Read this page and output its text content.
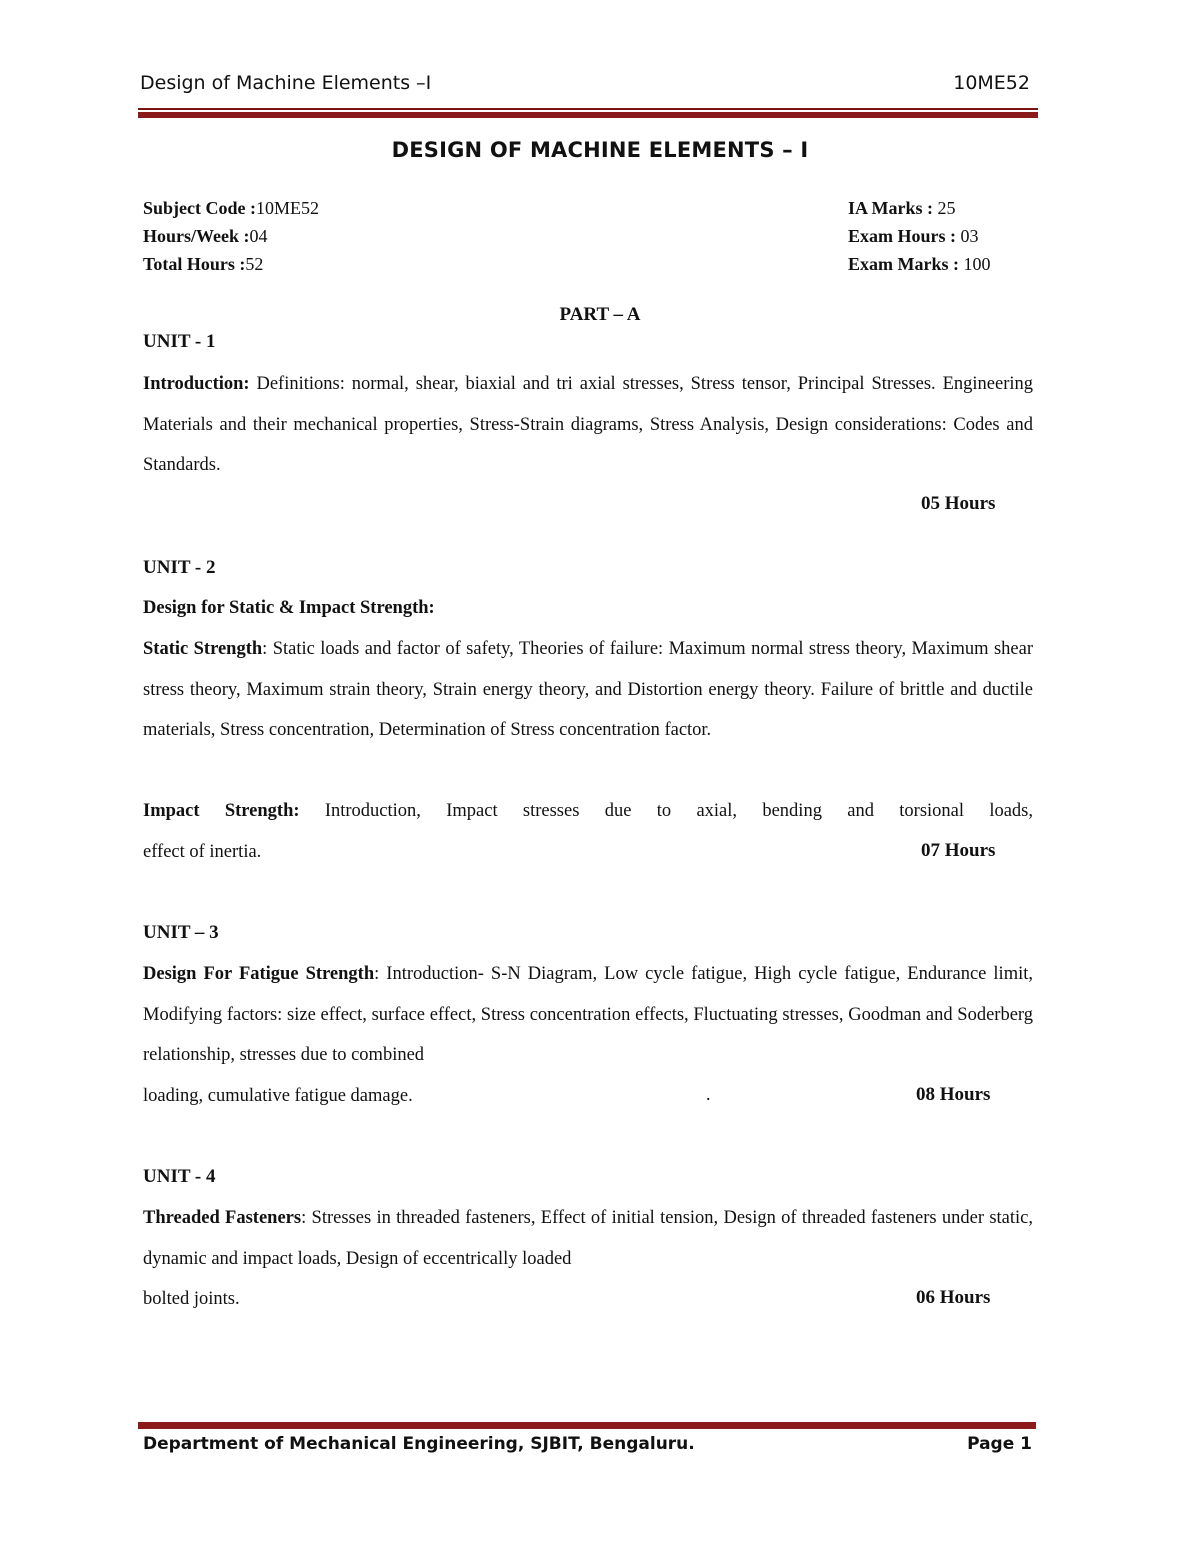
Design of Machine Elements –I	10ME52
DESIGN OF MACHINE ELEMENTS – I
Subject Code :10ME52
Hours/Week :04
Total Hours :52
IA Marks : 25
Exam Hours : 03
Exam Marks : 100
PART – A
UNIT - 1
Introduction: Definitions: normal, shear, biaxial and tri axial stresses, Stress tensor, Principal Stresses. Engineering Materials and their mechanical properties, Stress-Strain diagrams, Stress Analysis, Design considerations: Codes and Standards.
05 Hours
UNIT - 2
Design for Static & Impact Strength:
Static Strength: Static loads and factor of safety, Theories of failure: Maximum normal stress theory, Maximum shear stress theory, Maximum strain theory, Strain energy theory, and Distortion energy theory. Failure of brittle and ductile materials, Stress concentration, Determination of Stress concentration factor.
Impact Strength: Introduction, Impact stresses due to axial, bending and torsional loads,
effect of inertia.	07 Hours
UNIT – 3
Design For Fatigue Strength: Introduction- S-N Diagram, Low cycle fatigue, High cycle fatigue, Endurance limit, Modifying factors: size effect, surface effect, Stress concentration effects, Fluctuating stresses, Goodman and Soderberg relationship, stresses due to combined
loading, cumulative fatigue damage.	.	08 Hours
UNIT - 4
Threaded Fasteners: Stresses in threaded fasteners, Effect of initial tension, Design of threaded fasteners under static, dynamic and impact loads, Design of eccentrically loaded
bolted joints.	06 Hours
Department of Mechanical Engineering, SJBIT, Bengaluru.	Page 1
